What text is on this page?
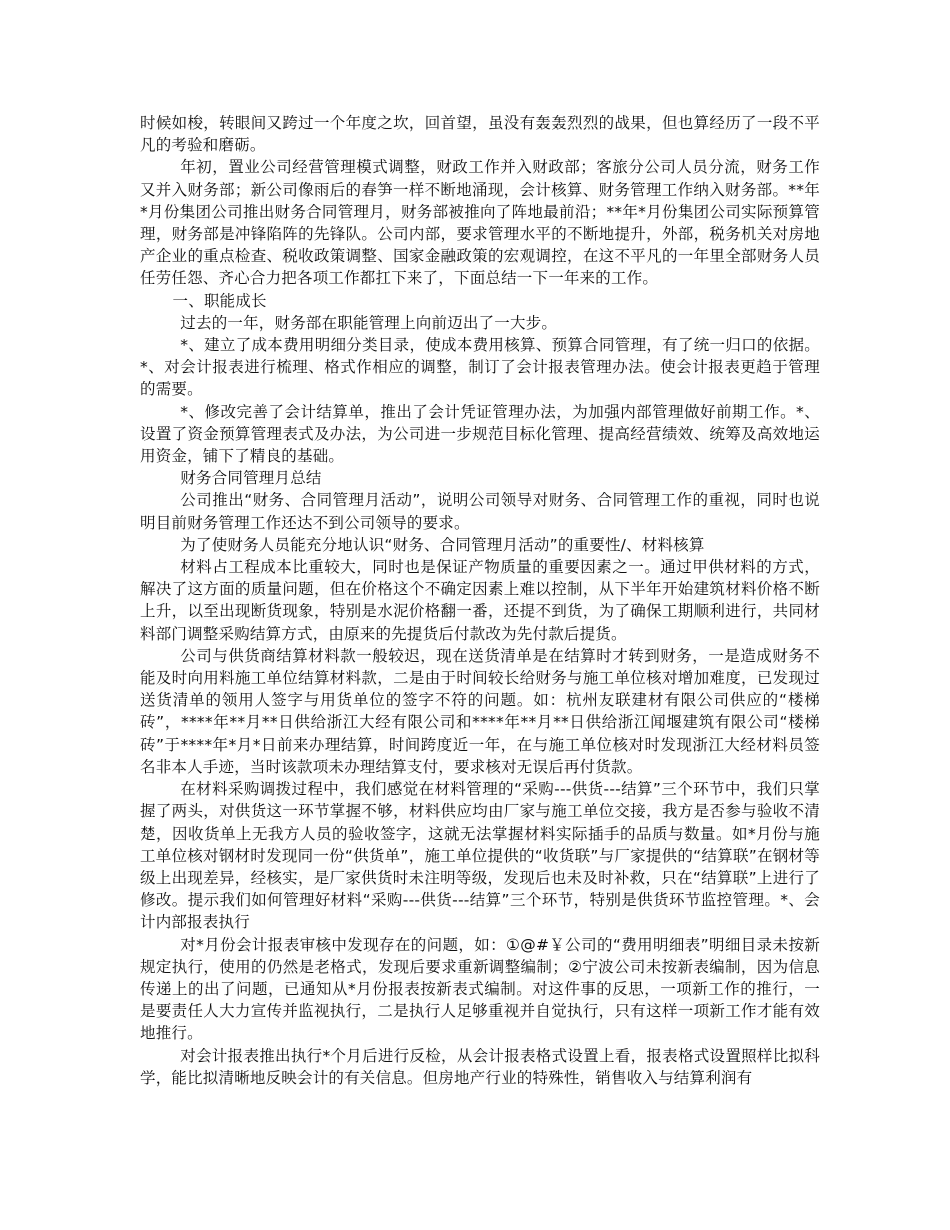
时候如梭，转眼间又跨过一个年度之坎，回首望，虽没有轰轰烈烈的战果，但也算经历了一段不平凡的考验和磨砺。

年初，置业公司经营管理模式调整，财政工作并入财政部；客旅分公司人员分流，财务工作又并入财务部；新公司像雨后的春笋一样不断地涌现，会计核算、财务管理工作纳入财务部。**年*月份集团公司推出财务合同管理月，财务部被推向了阵地最前沿；**年*月份集团公司实际预算管理，财务部是冲锋陷阵的先锋队。公司内部，要求管理水平的不断地提升，外部，税务机关对房地产企业的重点检查、税收政策调整、国家金融政策的宏观调控，在这不平凡的一年里全部财务人员任劳任怨、齐心合力把各项工作都扛下来了，下面总结一下一年来的工作。

一、职能成长

过去的一年，财务部在职能管理上向前迈出了一大步。

*、建立了成本费用明细分类目录，使成本费用核算、预算合同管理，有了统一归口的依据。*、对会计报表进行梳理、格式作相应的调整，制订了会计报表管理办法。使会计报表更趋于管理的需要。

*、修改完善了会计结算单，推出了会计凭证管理办法，为加强内部管理做好前期工作。*、设置了资金预算管理表式及办法，为公司进一步规范目标化管理、提高经营绩效、统筹及高效地运用资金，铺下了精良的基础。

财务合同管理月总结

公司推出“财务、合同管理月活动”，说明公司领导对财务、合同管理工作的重视，同时也说明目前财务管理工作还达不到公司领导的要求。

为了使财务人员能充分地认识“财务、合同管理月活动”的重要性/、材料核算

材料占工程成本比重较大，同时也是保证产物质量的重要因素之一。通过甲供材料的方式，解决了这方面的质量问题，但在价格这个不确定因素上难以控制，从下半年开始建筑材料价格不断上升，以至出现断货现象，特别是水泥价格翻一番，还提不到货，为了确保工期顺利进行，共同材料部门调整采购结算方式，由原来的先提货后付款改为先付款后提货。

公司与供货商结算材料款一般较迟，现在送货清单是在结算时才转到财务，一是造成财务不能及时向用料施工单位结算材料款，二是由于时间较长给财务与施工单位核对增加难度，已发现过送货清单的领用人签字与用货单位的签字不符的问题。如：杭州友联建材有限公司供应的“楼梯砖”，****年**月**日供给浙江大经有限公司和****年**月**日供给浙江闻堰建筑有限公司“楼梯砖”于****年*月*日前来办理结算，时间跨度近一年，在与施工单位核对时发现浙江大经材料员签名非本人手迹，当时该款项未办理结算支付，要求核对无误后再付货款。

在材料采购调拨过程中，我们感觉在材料管理的“采购---供货---结算”三个环节中，我们只掌握了两头，对供货这一环节掌握不够，材料供应均由厂家与施工单位交接，我方是否参与验收不清楚，因收货单上无我方人员的验收签字，这就无法掌握材料实际插手的品质与数量。如*月份与施工单位核对钢材时发现同一份“供货单”，施工单位提供的“收货联”与厂家提供的“结算联”在钢材等级上出现差异，经核实，是厂家供货时未注明等级，发现后也未及时补救，只在“结算联”上进行了修改。提示我们如何管理好材料“采购---供货---结算”三个环节，特别是供货环节监控管理。*、会计内部报表执行

对*月份会计报表审核中发现存在的问题，如：①@#￥公司的“费用明细表”明细目录未按新规定执行，使用的仍然是老格式，发现后要求重新调整编制；②宁波公司未按新表编制，因为信息传递上的出了问题，已通知从*月份报表按新表式编制。对这件事的反思，一项新工作的推行，一是要责任人大力宣传并监视执行，二是执行人足够重视并自觉执行，只有这样一项新工作才能有效地推行。

对会计报表推出执行*个月后进行反检，从会计报表格式设置上看，报表格式设置照样比拟科学，能比拟清晰地反映会计的有关信息。但房地产行业的特殊性，销售收入与结算利润有
